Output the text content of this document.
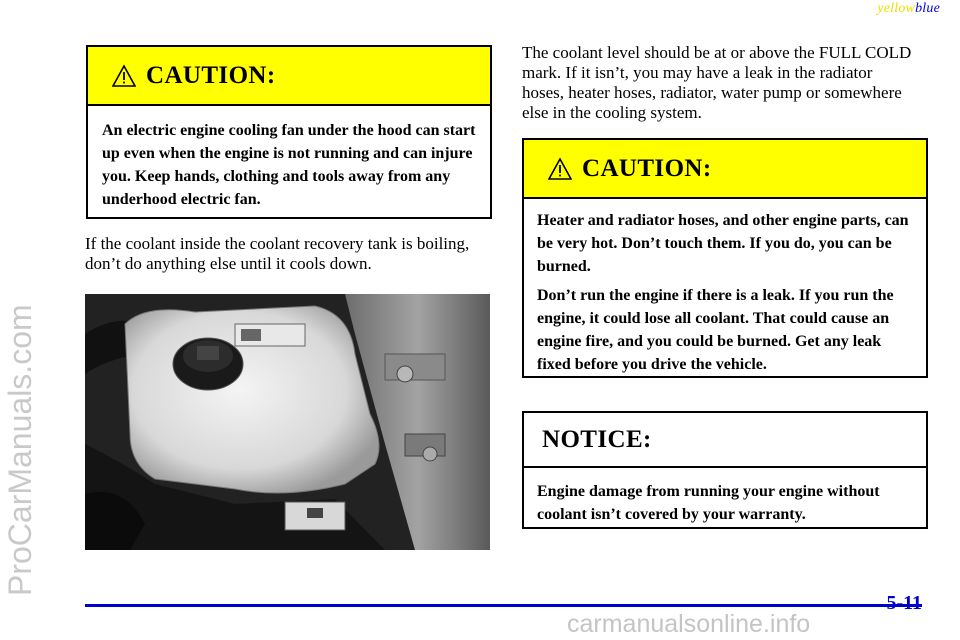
yellowblue
ProCarManuals.com
CAUTION:

An electric engine cooling fan under the hood can start up even when the engine is not running and can injure you. Keep hands, clothing and tools away from any underhood electric fan.

If the coolant inside the coolant recovery tank is boiling, don’t do anything else until it cools down.

The coolant level should be at or above the FULL COLD mark. If it isn’t, you may have a leak in the radiator hoses, heater hoses, radiator, water pump or somewhere else in the cooling system.

CAUTION:

Heater and radiator hoses, and other engine parts, can be very hot. Don’t touch them. If you do, you can be burned.

Don’t run the engine if there is a leak. If you run the engine, it could lose all coolant. That could cause an engine fire, and you could be burned. Get any leak fixed before you drive the vehicle.

NOTICE:

Engine damage from running your engine without coolant isn’t covered by your warranty.

5-11
carmanualsonline.info
